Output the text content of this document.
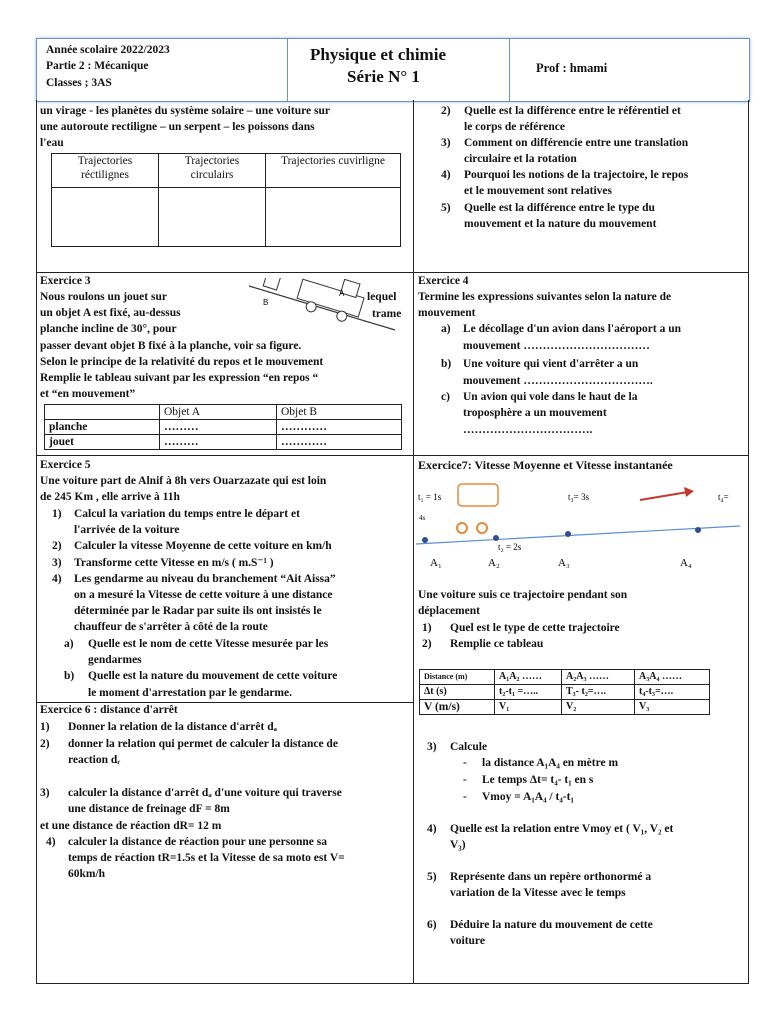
Année scolaire 2022/2023
Partie 2 : Mécanique
Classes ; 3AS
Physique et chimie
Série N° 1	Prof : hmami
un virage - les planètes du système solaire – une voiture sur
une autoroute rectiligne – un serpent – les poissons dans
l'eau
Trajectories réctilignes	Trajectories circulairs	Trajectories cuvirligne

2) Quelle est la différence entre le référentiel et
le corps de référence
3) Comment on différencie entre une translation
circulaire et la rotation
4) Pourquoi les notions de la trajectoire, le repos
et le mouvement sont relatives
5) Quelle est la différence entre le type du
mouvement et la nature du mouvement
Exercice 3
Nous roulons un jouet sur
un objet A est fixé, au-dessus
planche incline de 30°, pour
passer devant objet B fixé à la planche, voir sa figure.
Selon le principe de la relativité du repos et le mouvement
Remplie le tableau suivant par les expression “en repos “
et “en mouvement”
lequel
trame
B
A
	Objet A	Objet B
planche	………	…………
jouet	………	…………
Exercice 4
Termine les expressions suivantes selon la nature de
mouvement
a) Le décollage d'un avion dans l'aéroport a un
mouvement ……………………………
b) Une voiture qui vient d'arrêter a un
mouvement …………………………….
c) Un avion qui vole dans le haut de la
troposphère a un mouvement
…………………………….
Exercice 5
Une voiture part de Alnif à 8h vers Ouarzazate qui est loin
de 245 Km , elle arrive à 11h
1) Calcul la variation du temps entre le départ et
l'arrivée de la voiture
2) Calculer la vitesse Moyenne de cette voiture en km/h
3) Transforme cette Vitesse en m/s ( m.S⁻¹ )
4) Les gendarme au niveau du branchement “Ait Aissa”
on a mesuré la Vitesse de cette voiture à une distance
déterminée par le Radar par suite ils ont insistés le
chauffeur de s'arrêter à côté de la route
a) Quelle est le nom de cette Vitesse mesurée par les
gendarmes
b) Quelle est la nature du mouvement de cette voiture
le moment d'arrestation par le gendarme.
Exercice 6 : distance d'arrêt
1) Donner la relation de la distance d'arrêt dₐ
2) donner la relation qui permet de calculer la distance de
reaction dᵣ
3) calculer la distance d'arrêt dₐ d'une voiture qui traverse
une distance de freinage dF = 8m
et une distance de réaction dR= 12 m
4) calculer la distance de réaction pour une personne sa
temps de réaction tR=1.5s et la Vitesse de sa moto est V=
60km/h
Exercice7: Vitesse Moyenne et Vitesse instantanée
t₁ = 1s
4s
t₃= 3s	t₄=
t₂ = 2s
A₁	A₂	A₃	A₄
Une voiture suis ce trajectoire pendant son
déplacement
1) Quel est le type de cette trajectoire
2) Remplie ce tableau
Distance (m)	A₁A₂ ……	A₂A₃ ……	A₃A₄ ……
Δt (s)	t₂-t₁ =…..	T₃- t₂=….	t₄-t₃=….
V (m/s)	V₁	V₂	V₃
3) Calcule
- la distance A₁A₄ en mètre m
- Le temps Δt= t₄- t₁ en s
- Vmoy = A₁A₄ / t₄-t₁
4) Quelle est la relation entre Vmoy et ( V₁, V₂ et
V₃)
5) Représente dans un repère orthonormé a
variation de la Vitesse avec le temps
6) Déduire la nature du mouvement de cette
voiture
